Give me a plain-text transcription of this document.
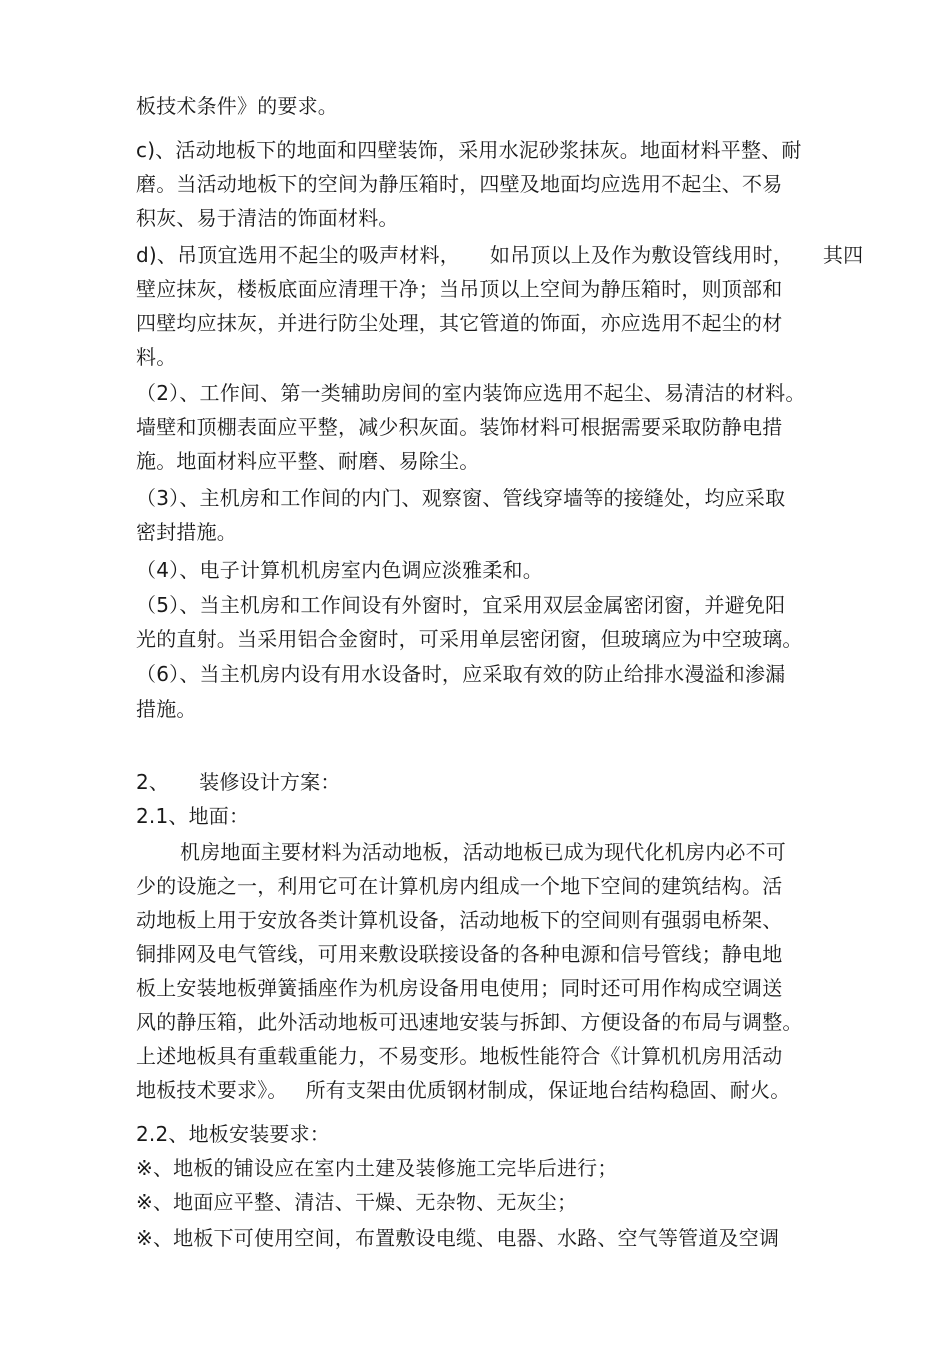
板技术条件》的要求。
c)、活动地板下的地面和四壁装饰，采用水泥砂浆抹灰。地面材料平整、耐
磨。当活动地板下的空间为静压箱时，四壁及地面均应选用不起尘、不易
积灰、易于清洁的饰面材料。
d)、吊顶宜选用不起尘的吸声材料， 如吊顶以上及作为敷设管线用时， 其四
壁应抹灰，楼板底面应清理干净；当吊顶以上空间为静压箱时，则顶部和
四壁均应抹灰，并进行防尘处理，其它管道的饰面，亦应选用不起尘的材
料。
（2）、工作间、第一类辅助房间的室内装饰应选用不起尘、易清洁的材料。
墙壁和顶棚表面应平整，减少积灰面。装饰材料可根据需要采取防静电措
施。地面材料应平整、耐磨、易除尘。
（3）、主机房和工作间的内门、观察窗、管线穿墙等的接缝处，均应采取
密封措施。
（4）、电子计算机机房室内色调应淡雅柔和。
（5）、当主机房和工作间设有外窗时，宜采用双层金属密闭窗，并避免阳
光的直射。当采用铝合金窗时，可采用单层密闭窗，但玻璃应为中空玻璃。
（6）、当主机房内设有用水设备时，应采取有效的防止给排水漫溢和渗漏
措施。
2、 装修设计方案：
2.1、地面：
机房地面主要材料为活动地板，活动地板已成为现代化机房内必不可
少的设施之一，利用它可在计算机房内组成一个地下空间的建筑结构。活
动地板上用于安放各类计算机设备，活动地板下的空间则有强弱电桥架、
铜排网及电气管线，可用来敷设联接设备的各种电源和信号管线；静电地
板上安装地板弹簧插座作为机房设备用电使用；同时还可用作构成空调送
风的静压箱，此外活动地板可迅速地安装与拆卸、方便设备的布局与调整。
上述地板具有重载重能力，不易变形。地板性能符合《计算机机房用活动
地板技术要求》。 所有支架由优质钢材制成，保证地台结构稳固、耐火。
2.2、地板安装要求：
※、地板的铺设应在室内土建及装修施工完毕后进行；
※、地面应平整、清洁、干燥、无杂物、无灰尘；
※、地板下可使用空间，布置敷设电缆、电器、水路、空气等管道及空调
